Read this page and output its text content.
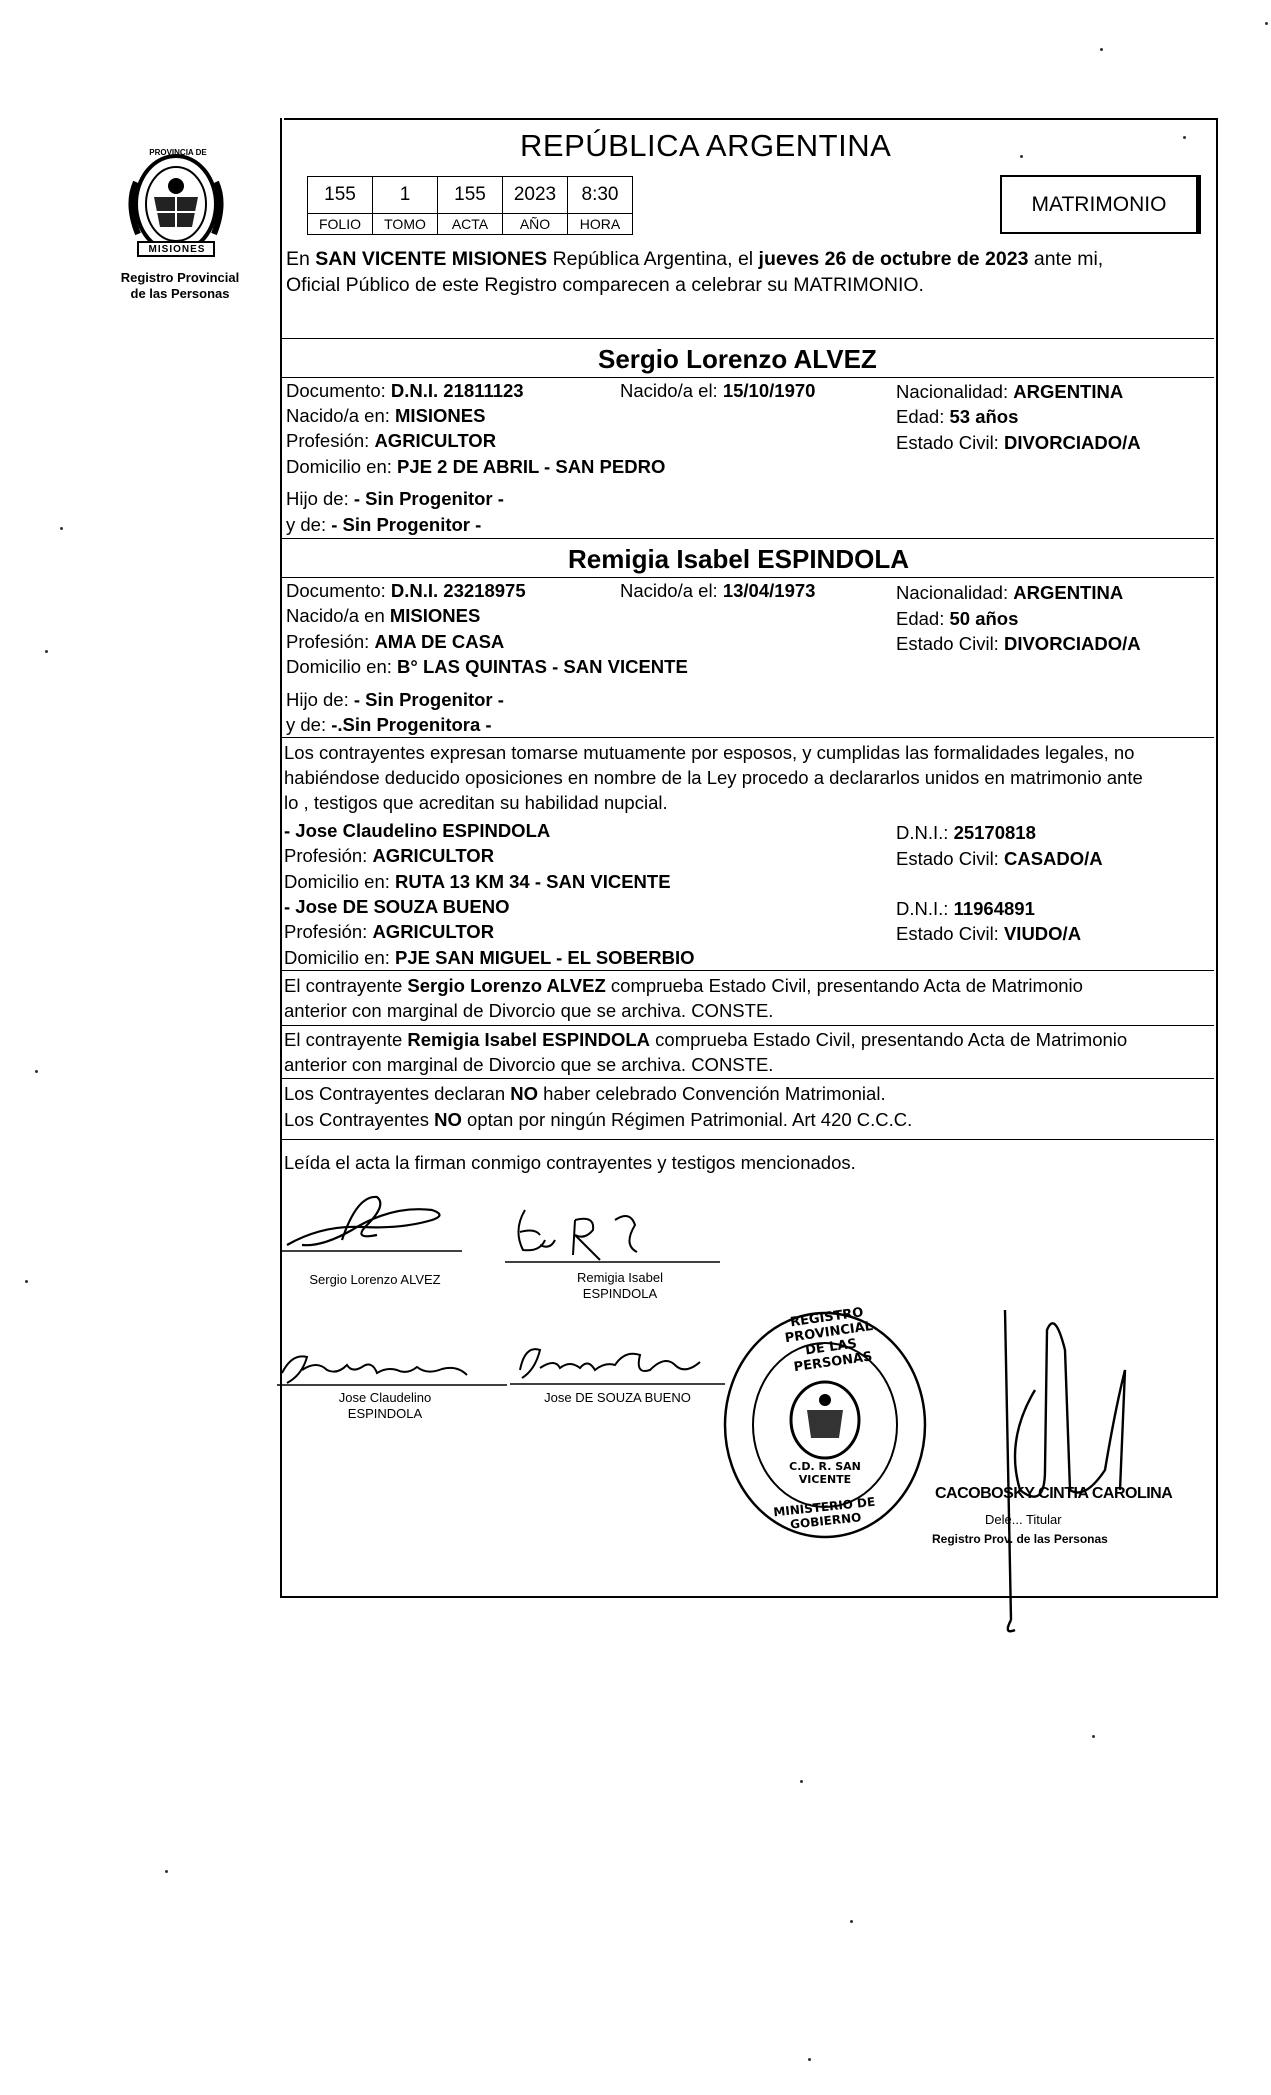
PROVINCIA DE
MISIONES
Registro Provincial
de las Personas
REPÚBLICA ARGENTINA
155	1	155	2023	8:30
FOLIO	TOMO	ACTA	AÑO	HORA
MATRIMONIO
En SAN VICENTE MISIONES República Argentina, el jueves 26 de octubre de 2023 ante mi,
Oficial Público de este Registro comparecen a celebrar su MATRIMONIO.
Sergio Lorenzo ALVEZ
Documento: D.N.I. 21811123	Nacido/a el: 15/10/1970	Nacionalidad: ARGENTINA
Nacido/a en: MISIONES	Edad: 53 años
Profesión: AGRICULTOR	Estado Civil: DIVORCIADO/A
Domicilio en: PJE 2 DE ABRIL - SAN PEDRO
Hijo de: - Sin Progenitor -
y de: - Sin Progenitor -
Remigia Isabel ESPINDOLA
Documento: D.N.I. 23218975	Nacido/a el: 13/04/1973	Nacionalidad: ARGENTINA
Nacido/a en MISIONES	Edad: 50 años
Profesión: AMA DE CASA	Estado Civil: DIVORCIADO/A
Domicilio en: B° LAS QUINTAS - SAN VICENTE
Hijo de: - Sin Progenitor -
y de: -.Sin Progenitora -
Los contrayentes expresan tomarse mutuamente por esposos, y cumplidas las formalidades legales, no
habiéndose deducido oposiciones en nombre de la Ley procedo a declararlos unidos en matrimonio ante
lo , testigos que acreditan su habilidad nupcial.
- Jose Claudelino ESPINDOLA	D.N.I.: 25170818
Profesión: AGRICULTOR	Estado Civil: CASADO/A
Domicilio en: RUTA 13 KM 34 - SAN VICENTE
- Jose DE SOUZA BUENO	D.N.I.: 11964891
Profesión: AGRICULTOR	Estado Civil: VIUDO/A
Domicilio en: PJE SAN MIGUEL - EL SOBERBIO
El contrayente Sergio Lorenzo ALVEZ comprueba Estado Civil, presentando Acta de Matrimonio
anterior con marginal de Divorcio que se archiva. CONSTE.
El contrayente Remigia Isabel ESPINDOLA comprueba Estado Civil, presentando Acta de Matrimonio
anterior con marginal de Divorcio que se archiva. CONSTE.
Los Contrayentes declaran NO haber celebrado Convención Matrimonial.
Los Contrayentes NO optan por ningún Régimen Patrimonial. Art 420 C.C.C.
Leída el acta la firman conmigo contrayentes y testigos mencionados.
Sergio Lorenzo ALVEZ	Remigia Isabel
ESPINDOLA
Jose Claudelino
ESPINDOLA
Jose DE SOUZA BUENO
REGISTRO PROVINCIAL DE LAS PERSONAS
MINISTERIO DE GOBIERNO
C.D. R. SAN VICENTE
CACOBOSKY CINTIA CAROLINA
Dele... Titular
Registro Prov. de las Personas
